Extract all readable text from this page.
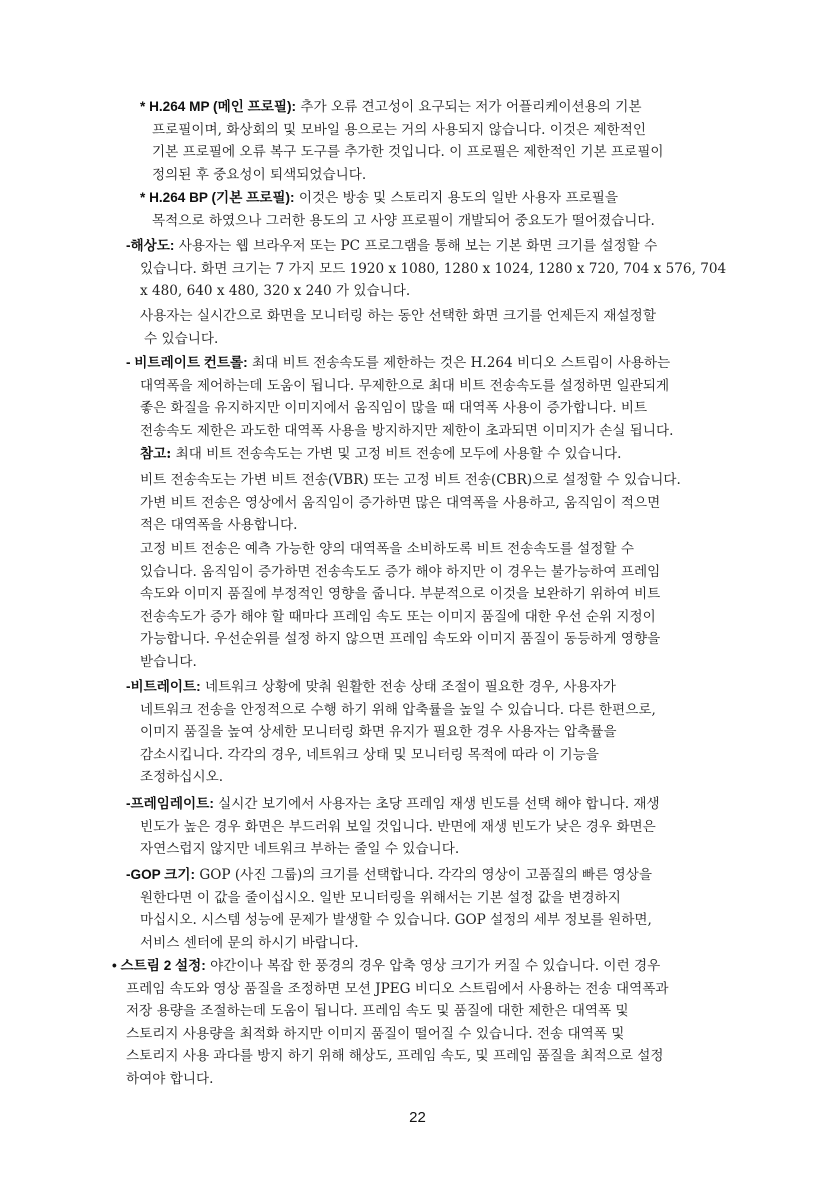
* H.264 MP (메인 프로필): 추가 오류 견고성이 요구되는 저가 어플리케이션용의 기본
프로필이며, 화상회의 및 모바일 용으로는 거의 사용되지 않습니다. 이것은 제한적인
기본 프로필에 오류 복구 도구를 추가한 것입니다. 이 프로필은 제한적인 기본 프로필이
정의된 후 중요성이 퇴색되었습니다.
* H.264 BP (기본 프로필): 이것은 방송 및 스토리지 용도의 일반 사용자 프로필을
목적으로 하였으나 그러한 용도의 고 사양 프로필이 개발되어 중요도가 떨어졌습니다.
-해상도: 사용자는 웹 브라우저 또는 PC 프로그램을 통해 보는 기본 화면 크기를 설정할 수
있습니다. 화면 크기는 7 가지 모드 1920 x 1080, 1280 x 1024, 1280 x 720, 704 x 576, 704
x 480, 640 x 480, 320 x 240 가 있습니다.
사용자는 실시간으로 화면을 모니터링 하는 동안 선택한 화면 크기를 언제든지 재설정할
수 있습니다.
- 비트레이트 컨트롤: 최대 비트 전송속도를 제한하는 것은 H.264 비디오 스트림이 사용하는
대역폭을 제어하는데 도움이 됩니다. 무제한으로 최대 비트 전송속도를 설정하면 일관되게
좋은 화질을 유지하지만 이미지에서 움직임이 많을 때 대역폭 사용이 증가합니다. 비트
전송속도 제한은 과도한 대역폭 사용을 방지하지만 제한이 초과되면 이미지가 손실 됩니다.
참고: 최대 비트 전송속도는 가변 및 고정 비트 전송에 모두에 사용할 수 있습니다.
비트 전송속도는 가변 비트 전송(VBR) 또는 고정 비트 전송(CBR)으로 설정할 수 있습니다.
가변 비트 전송은 영상에서 움직임이 증가하면 많은 대역폭을 사용하고, 움직임이 적으면
적은 대역폭을 사용합니다.
고정 비트 전송은 예측 가능한 양의 대역폭을 소비하도록 비트 전송속도를 설정할 수
있습니다. 움직임이 증가하면 전송속도도 증가 해야 하지만 이 경우는 불가능하여 프레임
속도와 이미지 품질에 부정적인 영향을 줍니다. 부분적으로 이것을 보완하기 위하여 비트
전송속도가 증가 해야 할 때마다 프레임 속도 또는 이미지 품질에 대한 우선 순위 지정이
가능합니다. 우선순위를 설정 하지 않으면 프레임 속도와 이미지 품질이 동등하게 영향을
받습니다.
-비트레이트: 네트워크 상황에 맞춰 원활한 전송 상태 조절이 필요한 경우, 사용자가
네트워크 전송을 안정적으로 수행 하기 위해 압축률을 높일 수 있습니다. 다른 한편으로,
이미지 품질을 높여 상세한 모니터링 화면 유지가 필요한 경우 사용자는 압축률을
감소시킵니다. 각각의 경우, 네트워크 상태 및 모니터링 목적에 따라 이 기능을
조정하십시오.
-프레임레이트: 실시간 보기에서 사용자는 초당 프레임 재생 빈도를 선택 해야 합니다. 재생
빈도가 높은 경우 화면은 부드러워 보일 것입니다. 반면에 재생 빈도가 낮은 경우 화면은
자연스럽지 않지만 네트워크 부하는 줄일 수 있습니다.
-GOP 크기: GOP (사진 그룹)의 크기를 선택합니다. 각각의 영상이 고품질의 빠른 영상을
원한다면 이 값을 줄이십시오. 일반 모니터링을 위해서는 기본 설정 값을 변경하지
마십시오. 시스템 성능에 문제가 발생할 수 있습니다. GOP 설정의 세부 정보를 원하면,
서비스 센터에 문의 하시기 바랍니다.
• 스트림 2 설정: 야간이나 복잡 한 풍경의 경우 압축 영상 크기가 커질 수 있습니다. 이런 경우
프레임 속도와 영상 품질을 조정하면 모션 JPEG 비디오 스트림에서 사용하는 전송 대역폭과
저장 용량을 조절하는데 도움이 됩니다. 프레임 속도 및 품질에 대한 제한은 대역폭 및
스토리지 사용량을 최적화 하지만 이미지 품질이 떨어질 수 있습니다. 전송 대역폭 및
스토리지 사용 과다를 방지 하기 위해 해상도, 프레임 속도, 및 프레임 품질을 최적으로 설정
하여야 합니다.
22
